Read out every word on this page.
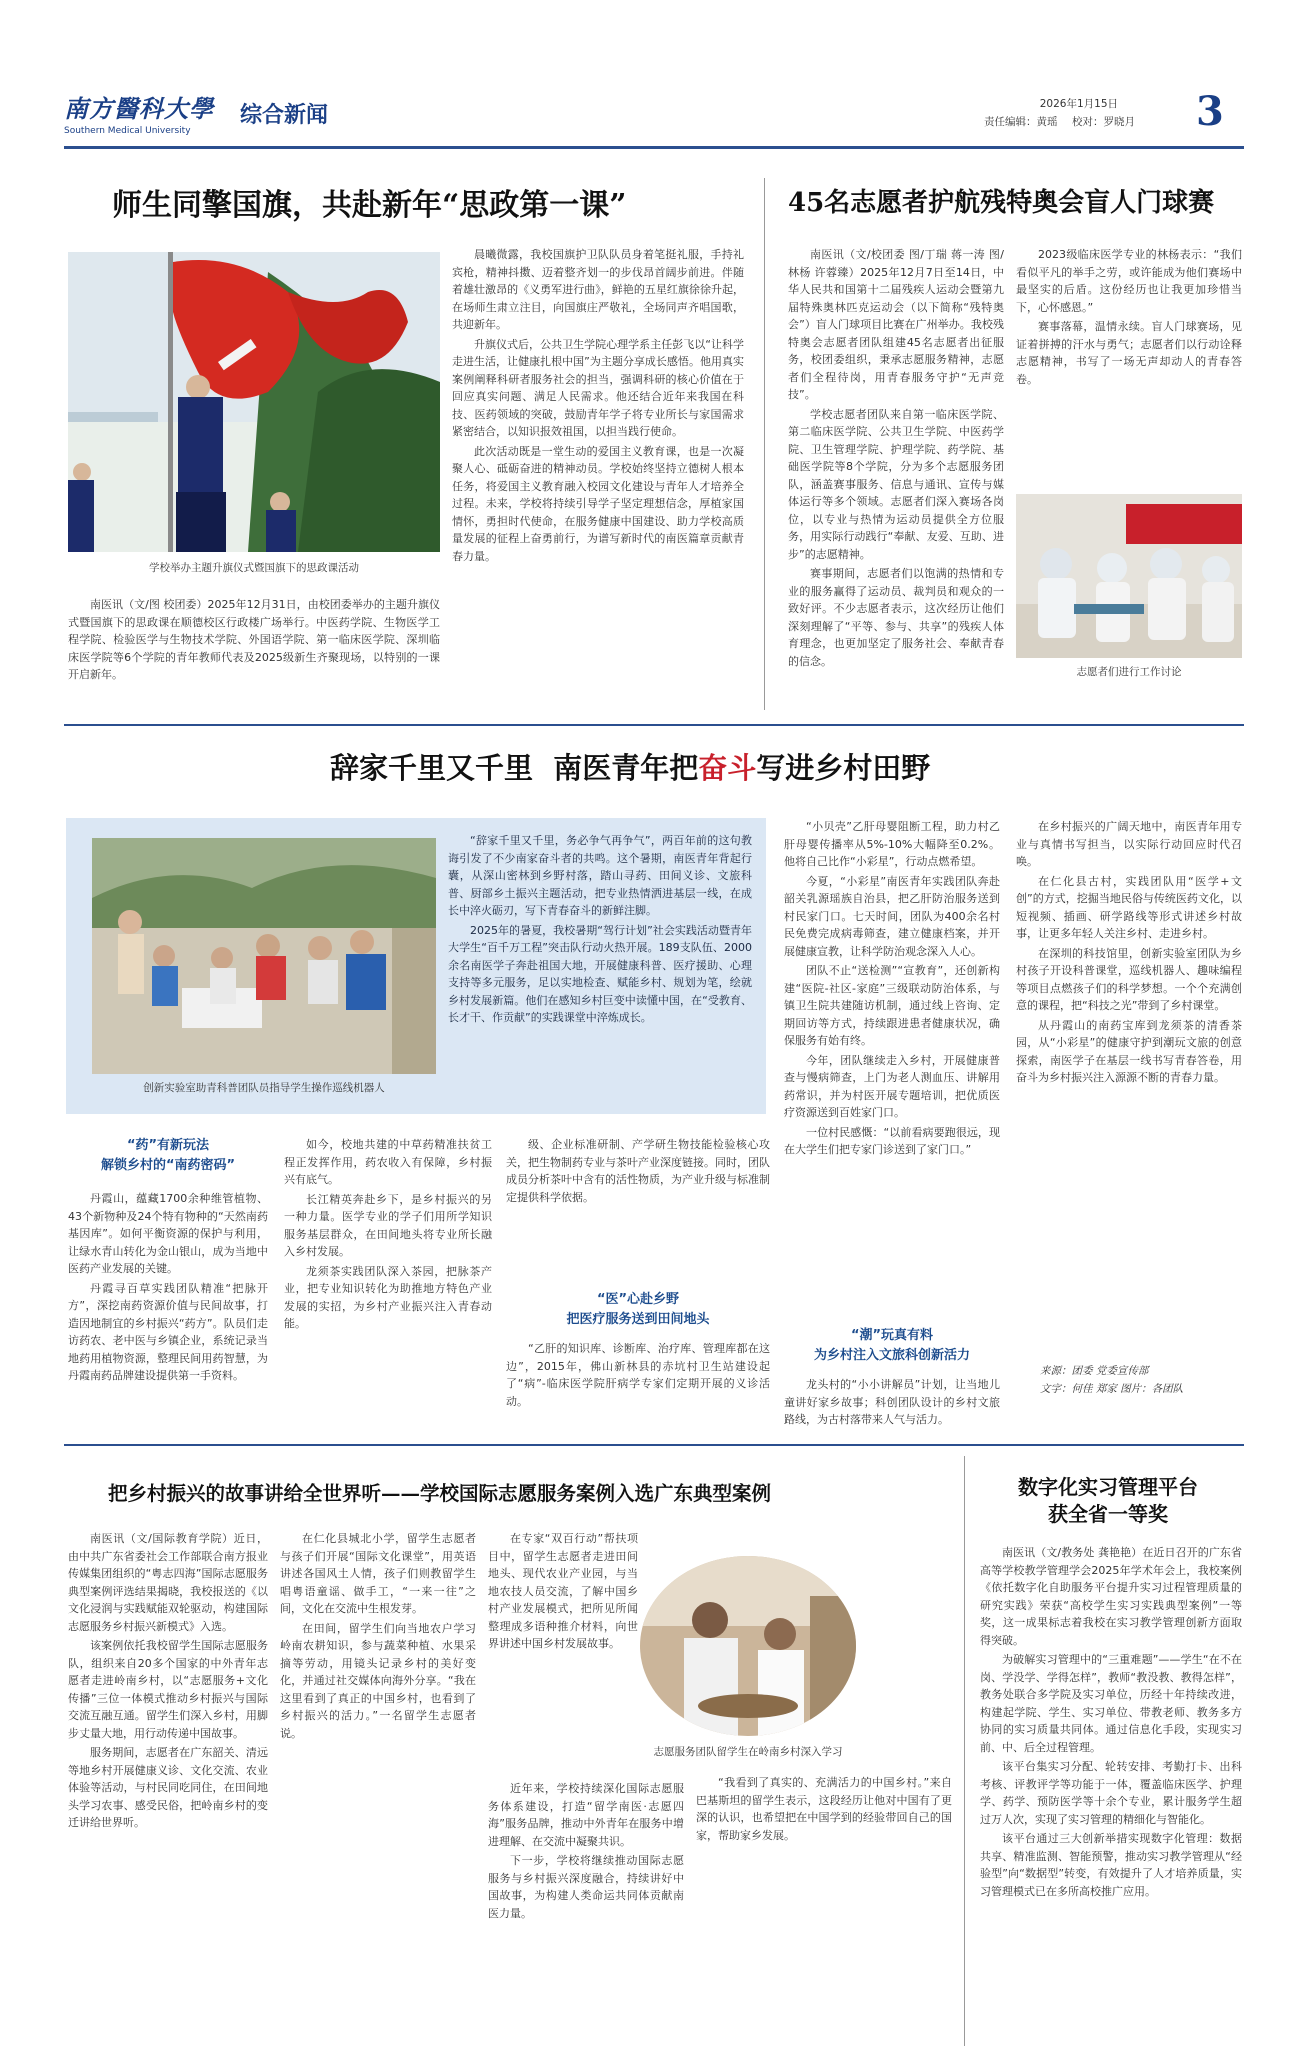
南方醫科大學
Southern Medical University
综合新闻	2026年1月15日
责任编辑：黄瑶 校对：罗晓月 3
师生同擎国旗，共赴新年“思政第一课”
学校举办主题升旗仪式暨国旗下的思政课活动

南医讯（文/图 校团委）2025年12月31日，由校团委举办的主题升旗仪式暨国旗下的思政课在顺德校区行政楼广场举行。中医药学院、生物医学工程学院、检验医学与生物技术学院、外国语学院、第一临床医学院、深圳临床医学院等6个学院的青年教师代表及2025级新生齐聚现场，以特别的一课开启新年。

晨曦微露，我校国旗护卫队队员身着笔挺礼服，手持礼宾枪，精神抖擞、迈着整齐划一的步伐昂首阔步前进。伴随着雄壮激昂的《义勇军进行曲》，鲜艳的五星红旗徐徐升起，在场师生肃立注目，向国旗庄严敬礼，全场同声齐唱国歌，共迎新年。

升旗仪式后，公共卫生学院心理学系主任彭飞以“让科学走进生活，让健康扎根中国”为主题分享成长感悟。他用真实案例阐释科研者服务社会的担当，强调科研的核心价值在于回应真实问题、满足人民需求。他还结合近年来我国在科技、医药领域的突破，鼓励青年学子将专业所长与家国需求紧密结合，以知识报效祖国，以担当践行使命。

此次活动既是一堂生动的爱国主义教育课，也是一次凝聚人心、砥砺奋进的精神动员。学校始终坚持立德树人根本任务，将爱国主义教育融入校园文化建设与青年人才培养全过程。未来，学校将持续引导学子坚定理想信念，厚植家国情怀，勇担时代使命，在服务健康中国建设、助力学校高质量发展的征程上奋勇前行，为谱写新时代的南医篇章贡献青春力量。

45名志愿者护航残特奥会盲人门球赛

南医讯（文/校团委 图/丁瑞 蒋一涛 图/林杨 许蓉臻）2025年12月7日至14日，中华人民共和国第十二届残疾人运动会暨第九届特殊奥林匹克运动会（以下简称“残特奥会”）盲人门球项目比赛在广州举办。我校残特奥会志愿者团队组建45名志愿者出征服务，校团委组织，秉承志愿服务精神，志愿者们全程待岗，用青春服务守护“无声竞技”。

学校志愿者团队来自第一临床医学院、第二临床医学院、公共卫生学院、中医药学院、卫生管理学院、护理学院、药学院、基础医学院等8个学院，分为多个志愿服务团队，涵盖赛事服务、信息与通讯、宣传与媒体运行等多个领域。志愿者们深入赛场各岗位，以专业与热情为运动员提供全方位服务，用实际行动践行“奉献、友爱、互助、进步”的志愿精神。

赛事期间，志愿者们以饱满的热情和专业的服务赢得了运动员、裁判员和观众的一致好评。不少志愿者表示，这次经历让他们深刻理解了“平等、参与、共享”的残疾人体育理念，也更加坚定了服务社会、奉献青春的信念。

2023级临床医学专业的林杨表示：“我们看似平凡的举手之劳，或许能成为他们赛场中最坚实的后盾。这份经历也让我更加珍惜当下，心怀感恩。”

赛事落幕，温情永续。盲人门球赛场，见证着拼搏的汗水与勇气；志愿者们以行动诠释志愿精神，书写了一场无声却动人的青春答卷。

志愿者们进行工作讨论
辞家千里又千里  南医青年把奋斗写进乡村田野
创新实验室助青科普团队员指导学生操作巡线机器人

“辞家千里又千里，务必争气再争气”，两百年前的这句教诲引发了不少南家奋斗者的共鸣。这个暑期，南医青年背起行囊，从深山密林到乡野村落，踏山寻药、田间义诊、文旅科普、厨部乡土振兴主题活动，把专业热情洒进基层一线，在成长中淬火砺刃，写下青春奋斗的新鲜注脚。

2025年的暑夏，我校暑期“驾行计划”社会实践活动暨青年大学生“百千万工程”突击队行动火热开展。189支队伍、2000余名南医学子奔赴祖国大地，开展健康科普、医疗援助、心理支持等多元服务，足以实地检查、赋能乡村、规划为笔，绘就乡村发展新篇。他们在感知乡村巨变中读懂中国，在“受教育、长才干、作贡献”的实践课堂中淬炼成长。

“药”有新玩法
解锁乡村的“南药密码”

丹霞山，蕴藏1700余种维管植物、43个新物种及24个特有物种的“天然南药基因库”。如何平衡资源的保护与利用，让绿水青山转化为金山银山，成为当地中医药产业发展的关键。

丹霞寻百草实践团队精准“把脉开方”，深挖南药资源价值与民间故事，打造因地制宜的乡村振兴“药方”。队员们走访药农、老中医与乡镇企业，系统记录当地药用植物资源，整理民间用药智慧，为丹霞南药品牌建设提供第一手资料。

如今，校地共建的中草药精准扶贫工程正发挥作用，药农收入有保障，乡村振兴有底气。

长江精英奔赴乡下，是乡村振兴的另一种力量。医学专业的学子们用所学知识服务基层群众，在田间地头将专业所长融入乡村发展。

龙须茶实践团队深入茶园，把脉茶产业，把专业知识转化为助推地方特色产业发展的实招，为乡村产业振兴注入青春动能。

级、企业标准研制、产学研生物技能检验核心攻关，把生物制药专业与茶叶产业深度链接。同时，团队成员分析茶叶中含有的活性物质，为产业升级与标准制定提供科学依据。

“医”心赴乡野
把医疗服务送到田间地头

“乙肝的知识库、诊断库、治疗库、管理库都在这边”，2015年，佛山新林县的赤坑村卫生站建设起了“病”-临床医学院肝病学专家们定期开展的义诊活动。

“小贝壳”乙肝母婴阻断工程，助力村乙肝母婴传播率从5%-10%大幅降至0.2%。他将自己比作“小彩星”，行动点燃希望。

今夏，“小彩星”南医青年实践团队奔赴韶关乳源瑶族自治县，把乙肝防治服务送到村民家门口。七天时间，团队为400余名村民免费完成病毒筛查，建立健康档案，并开展健康宣教，让科学防治观念深入人心。

团队不止“送检测”“宣教育”，还创新构建“医院-社区-家庭”三级联动防治体系，与镇卫生院共建随访机制，通过线上咨询、定期回访等方式，持续跟进患者健康状况，确保服务有始有终。

今年，团队继续走入乡村，开展健康普查与慢病筛查，上门为老人测血压、讲解用药常识，并为村医开展专题培训，把优质医疗资源送到百姓家门口。

一位村民感慨：“以前看病要跑很远，现在大学生们把专家门诊送到了家门口。”

“潮”玩真有料
为乡村注入文旅科创新活力

龙头村的“小小讲解员”计划，让当地儿童讲好家乡故事；科创团队设计的乡村文旅路线，为古村落带来人气与活力。

在乡村振兴的广阔天地中，南医青年用专业与真情书写担当，以实际行动回应时代召唤。

在仁化县古村，实践团队用“医学+文创”的方式，挖掘当地民俗与传统医药文化，以短视频、插画、研学路线等形式讲述乡村故事，让更多年轻人关注乡村、走进乡村。

在深圳的科技馆里，创新实验室团队为乡村孩子开设科普课堂，巡线机器人、趣味编程等项目点燃孩子们的科学梦想。一个个充满创意的课程，把“科技之光”带到了乡村课堂。

从丹霞山的南药宝库到龙须茶的清香茶园，从“小彩星”的健康守护到潮玩文旅的创意探索，南医学子在基层一线书写青春答卷，用奋斗为乡村振兴注入源源不断的青春力量。

来源：团委 党委宣传部
文字：何佳 郑家 图片：各团队
把乡村振兴的故事讲给全世界听——学校国际志愿服务案例入选广东典型案例

南医讯（文/国际教育学院）近日，由中共广东省委社会工作部联合南方报业传媒集团组织的“粤志四海”国际志愿服务典型案例评选结果揭晓，我校报送的《以文化浸润与实践赋能双轮驱动，构建国际志愿服务乡村振兴新模式》入选。

该案例依托我校留学生国际志愿服务队，组织来自20多个国家的中外青年志愿者走进岭南乡村，以“志愿服务+文化传播”三位一体模式推动乡村振兴与国际交流互融互通。留学生们深入乡村，用脚步丈量大地，用行动传递中国故事。

服务期间，志愿者在广东韶关、清远等地乡村开展健康义诊、文化交流、农业体验等活动，与村民同吃同住，在田间地头学习农事、感受民俗，把岭南乡村的变迁讲给世界听。

在仁化县城北小学，留学生志愿者与孩子们开展“国际文化课堂”，用英语讲述各国风土人情，孩子们则教留学生唱粤语童谣、做手工，“一来一往”之间，文化在交流中生根发芽。

在田间，留学生们向当地农户学习岭南农耕知识，参与蔬菜种植、水果采摘等劳动，用镜头记录乡村的美好变化，并通过社交媒体向海外分享。“我在这里看到了真正的中国乡村，也看到了乡村振兴的活力。”一名留学生志愿者说。

在专家“双百行动”帮扶项目中，留学生志愿者走进田间地头、现代农业产业园，与当地农技人员交流，了解中国乡村产业发展模式，把所见所闻整理成多语种推介材料，向世界讲述中国乡村发展故事。

志愿服务团队留学生在岭南乡村深入学习

近年来，学校持续深化国际志愿服务体系建设，打造“留学南医·志愿四海”服务品牌，推动中外青年在服务中增进理解、在交流中凝聚共识。

下一步，学校将继续推动国际志愿服务与乡村振兴深度融合，持续讲好中国故事，为构建人类命运共同体贡献南医力量。

“我看到了真实的、充满活力的中国乡村。”来自巴基斯坦的留学生表示，这段经历让他对中国有了更深的认识，也希望把在中国学到的经验带回自己的国家，帮助家乡发展。

数字化实习管理平台
获全省一等奖

南医讯（文/教务处 龚艳艳）在近日召开的广东省高等学校教学管理学会2025年学术年会上，我校案例《依托数字化自助服务平台提升实习过程管理质量的研究实践》荣获“高校学生实习实践典型案例”一等奖，这一成果标志着我校在实习教学管理创新方面取得突破。

为破解实习管理中的“三重难题”——学生“在不在岗、学没学、学得怎样”，教师“教没教、教得怎样”，教务处联合多学院及实习单位，历经十年持续改进，构建起学院、学生、实习单位、带教老师、教务多方协同的实习质量共同体。通过信息化手段，实现实习前、中、后全过程管理。

该平台集实习分配、轮转安排、考勤打卡、出科考核、评教评学等功能于一体，覆盖临床医学、护理学、药学、预防医学等十余个专业，累计服务学生超过万人次，实现了实习管理的精细化与智能化。

该平台通过三大创新举措实现数字化管理：数据共享、精准监测、智能预警，推动实习教学管理从“经验型”向“数据型”转变，有效提升了人才培养质量，实习管理模式已在多所高校推广应用。
